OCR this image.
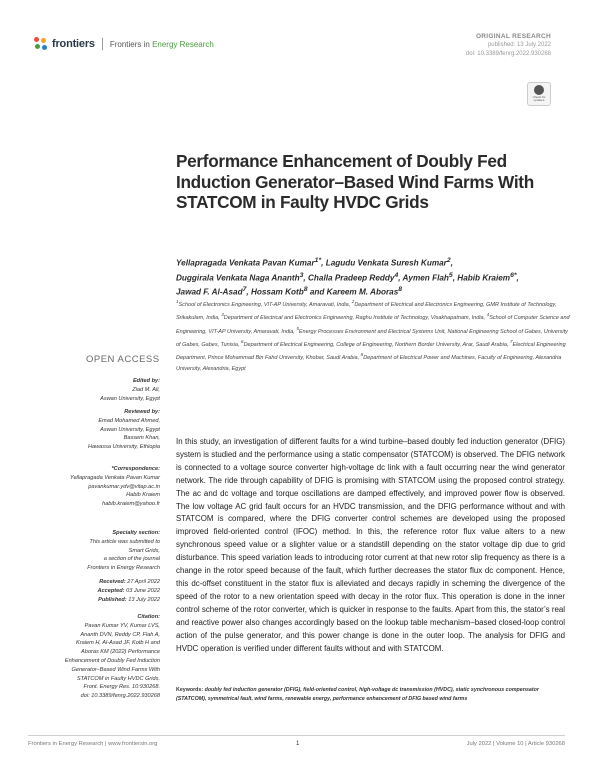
frontiers Frontiers in Energy Research
ORIGINAL RESEARCH
published: 13 July 2022
doi: 10.3389/fenrg.2022.930268
Check for
updates
Performance Enhancement of Doubly Fed Induction Generator–Based Wind Farms With STATCOM in Faulty HVDC Grids
Yellapragada Venkata Pavan Kumar$^{1*}$, Lagudu Venkata Suresh Kumar$^2$,
Duggirala Venkata Naga Ananth$^3$, Challa Pradeep Reddy$^4$, Aymen Flah$^5$, Habib Kraiem$^{6*}$,
Jawad F. Al-Asad$^7$, Hossam Kotb$^8$ and Kareem M. Aboras$^8$
$^1$School of Electronics Engineering, VIT-AP University, Amaravati, India, $^2$Department of Electrical and Electronics Engineering, GMR Institute of Technology, Srikakulam, India, $^3$Department of Electrical and Electronics Engineering, Raghu Institute of Technology, Visakhapatnam, India, $^4$School of Computer Science and Engineering, VIT-AP University, Amaravati, India, $^5$Energy Processes Environment and Electrical Systems Unit, National Engineering School of Gabes, University of Gabes, Gabes, Tunisia, $^6$Department of Electrical Engineering, College of Engineering, Northern Border University, Arar, Saudi Arabia, $^7$Electrical Engineering Department, Prince Mohammad Bin Fahd University, Khobar, Saudi Arabia, $^8$Department of Electrical Power and Machines, Faculty of Engineering, Alexandria University, Alexandria, Egypt
OPEN ACCESS
Edited by:
Ziad M. Ali,
Aswan University, Egypt
Reviewed by:
Emad Mohamed Ahmed,
Aswan University, Egypt
Bassem Khan,
Hawassa University, Ethiopia
*Correspondence:
Yellapragada Venkata Pavan Kumar
pavankumar.ydv@vitap.ac.in
Habib Kraiem
habib.kraiem@yahoo.fr
Specialty section:
This article was submitted to
Smart Grids,
a section of the journal
Frontiers in Energy Research
Received: 27 April 2022
Accepted: 03 June 2022
Published: 13 July 2022
Citation:
Pavan Kumar YV, Kumar LVS,
Ananth DVN, Reddy CP, Flah A,
Kraiem H, Al-Asad JF, Kotb H and
Aboras KM (2022) Performance
Enhancement of Doubly Fed Induction
Generator–Based Wind Farms With
STATCOM in Faulty HVDC Grids.
Front. Energy Res. 10:930268.
doi: 10.3389/fenrg.2022.930268

In this study, an investigation of different faults for a wind turbine–based doubly fed induction generator (DFIG) system is studied and the performance using a static compensator (STATCOM) is observed. The DFIG network is connected to a voltage source converter high-voltage dc link with a fault occurring near the wind generator network. The ride through capability of DFIG is promising with STATCOM using the proposed control strategy. The ac and dc voltage and torque oscillations are damped effectively, and improved power flow is observed. The low voltage AC grid fault occurs for an HVDC transmission, and the DFIG performance without and with STATCOM is compared, where the DFIG converter control schemes are developed using the proposed improved field-oriented control (IFOC) method. In this, the reference rotor flux value alters to a new synchronous speed value or a slighter value or a standstill depending on the stator voltage dip due to grid disturbance. This speed variation leads to introducing rotor current at that new rotor slip frequency as there is a change in the rotor speed because of the fault, which further decreases the stator flux dc component. Hence, this dc-offset constituent in the stator flux is alleviated and decays rapidly in scheming the divergence of the speed of the rotor to a new orientation speed with decay in the rotor flux. This operation is done in the inner control scheme of the rotor converter, which is quicker in response to the faults. Apart from this, the stator’s real and reactive power also changes accordingly based on the lookup table mechanism–based closed-loop control action of the pulse generator, and this power change is done in the outer loop. The analysis for DFIG and HVDC operation is verified under different faults without and with STATCOM.

Keywords: doubly fed induction generator (DFIG), field-oriented control, high-voltage dc transmission (HVDC), static synchronous compensator (STATCOM), symmetrical fault, wind farms, renewable energy, performance enhancement of DFIG based wind farms
Frontiers in Energy Research | www.frontiersin.org	1	July 2022 | Volume 10 | Article 930268
